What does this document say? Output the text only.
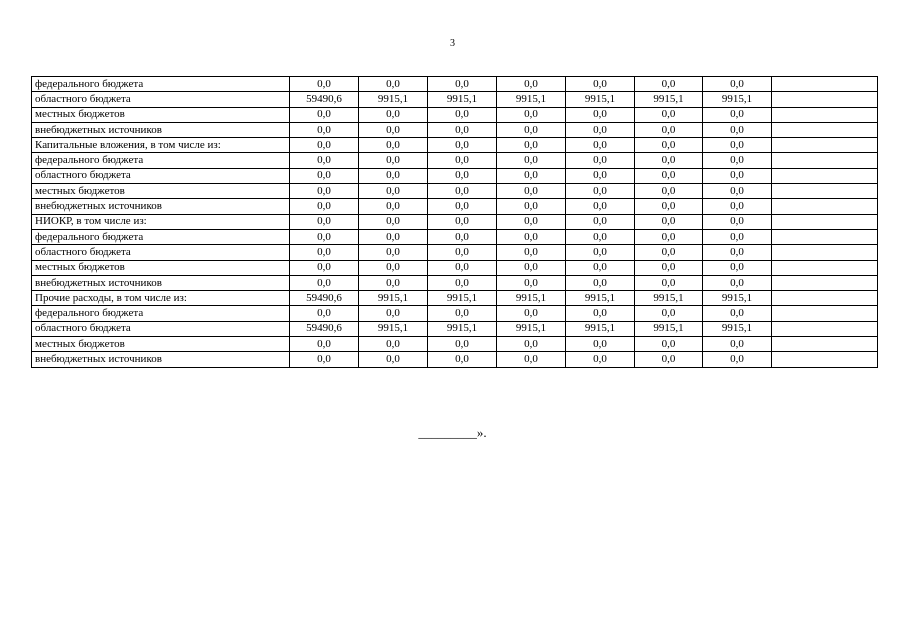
3
федерального бюджета	0,0	0,0	0,0	0,0	0,0	0,0	0,0	
областного бюджета	59490,6	9915,1	9915,1	9915,1	9915,1	9915,1	9915,1	
местных бюджетов	0,0	0,0	0,0	0,0	0,0	0,0	0,0	
внебюджетных источников	0,0	0,0	0,0	0,0	0,0	0,0	0,0	
Капитальные вложения, в том числе из:	0,0	0,0	0,0	0,0	0,0	0,0	0,0	
федерального бюджета	0,0	0,0	0,0	0,0	0,0	0,0	0,0	
областного бюджета	0,0	0,0	0,0	0,0	0,0	0,0	0,0	
местных бюджетов	0,0	0,0	0,0	0,0	0,0	0,0	0,0	
внебюджетных источников	0,0	0,0	0,0	0,0	0,0	0,0	0,0	
НИОКР, в том числе из:	0,0	0,0	0,0	0,0	0,0	0,0	0,0	
федерального бюджета	0,0	0,0	0,0	0,0	0,0	0,0	0,0	
областного бюджета	0,0	0,0	0,0	0,0	0,0	0,0	0,0	
местных бюджетов	0,0	0,0	0,0	0,0	0,0	0,0	0,0	
внебюджетных источников	0,0	0,0	0,0	0,0	0,0	0,0	0,0	
Прочие расходы, в том числе из:	59490,6	9915,1	9915,1	9915,1	9915,1	9915,1	9915,1	
федерального бюджета	0,0	0,0	0,0	0,0	0,0	0,0	0,0	
областного бюджета	59490,6	9915,1	9915,1	9915,1	9915,1	9915,1	9915,1	
местных бюджетов	0,0	0,0	0,0	0,0	0,0	0,0	0,0	
внебюджетных источников	0,0	0,0	0,0	0,0	0,0	0,0	0,0	
_________».
